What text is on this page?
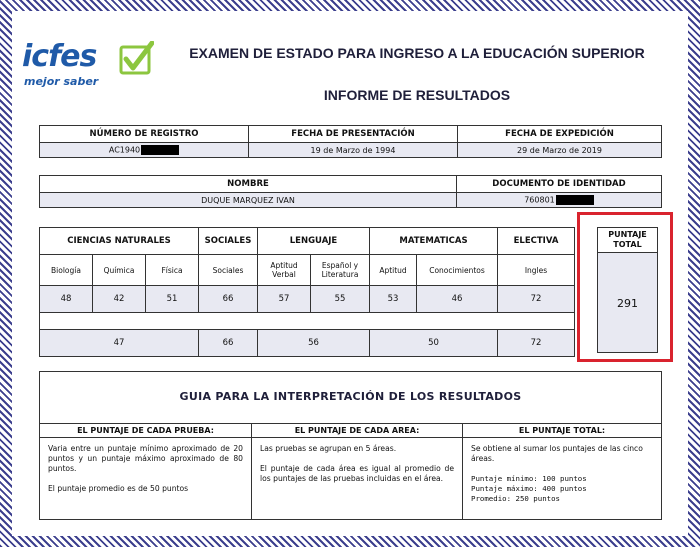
icfes
mejor saber
EXAMEN DE ESTADO PARA INGRESO A LA EDUCACIÓN SUPERIOR
INFORME DE RESULTADOS
NÚMERO DE REGISTRO	FECHA DE PRESENTACIÓN	FECHA DE EXPEDICIÓN
AC1940	19 de Marzo de 1994	29 de Marzo de 2019
NOMBRE	DOCUMENTO DE IDENTIDAD
DUQUE MARQUEZ IVAN	760801
CIENCIAS NATURALES			SOCIALES	LENGUAJE		MATEMATICAS		ELECTIVA
Biología	Química	Física	Sociales	Aptitud Verbal	Español y Literatura	Aptitud	Conocimientos	Ingles
48	42	51	66	57	55	53	46	72

47			66	56		50		72
PUNTAJE TOTAL
291
GUIA PARA LA INTERPRETACIÓN DE LOS RESULTADOS
EL PUNTAJE DE CADA PRUEBA:

Varia entre un puntaje mínimo aproximado de 20 puntos y un puntaje máximo aproximado de 80 puntos.

El puntaje promedio es de 50 puntos

EL PUNTAJE DE CADA AREA:

Las pruebas se agrupan en 5 áreas.

El puntaje de cada área es igual al promedio de los puntajes de las pruebas incluidas en el área.

EL PUNTAJE TOTAL:

Se obtiene al sumar los puntajes de las cinco áreas.

Puntaje mínimo: 100 puntos
Puntaje máximo: 400 puntos
Promedio: 250 puntos
